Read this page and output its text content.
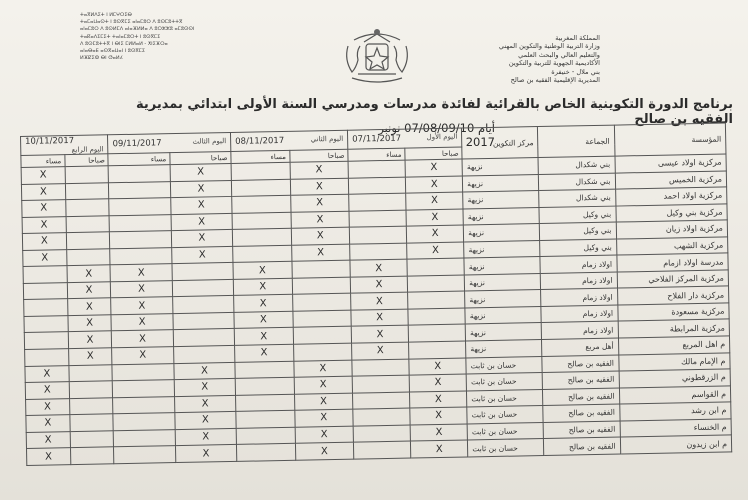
ⵜⴰⴳⵍⴷⵉⵜ ⵏ ⵍⵎⵖⵔⵉⴱ
ⵜⴰⵎⴰⵡⴰⵙⵜ ⵏ ⵓⵙⴳⵎⵉ ⴰⵏⴰⵎⵓⵔ ⴷ ⵓⵙⵎⵓⵜⵜⴳ
ⴰⵏⴰⵎⵓⵔ ⴷ ⵓⵙⵍⵎⴷ ⴰⵏⴰⴼⵍⵍⴰ ⴷ ⵓⵔⵣⵣⵓ ⴰⵎⵓⵙⵙⵏ
ⵜⴰⴽⴰⴷⵉⵎⵉⵜ ⵜⴰⵏⴰⵎⵓⵔⵜ ⵏ ⵓⵙⴳⵎⵉ
ⴷ ⵓⵙⵎⵓⵜⵜⴳ ⵏ ⴱⵏⵉ ⵎⵍⵍⴰⵍ - ⵅⵏⵉⴼⵔⴰ
ⴰⵏⴰⴱⴰⴹ ⴰⵙⴳⴰⵡⴰⵏ ⵏ ⵓⵙⴳⵎⵉ
ⵍⴼⵇⵉⵀ ⴱⵏ ⵚⴰⵍⵃ
المملكة المغربية
وزارة التربية الوطنية والتكوين المهني
والتعليم العالي والبحث العلمي
الأكاديمية الجهوية للتربية والتكوين
بني ملال - خنيفرة
المديرية الإقليمية الفقيه بن صالح
برنامج الدورة التكوينية الخاص بالقرائية لفائدة مدرسات ومدرسي السنة الأولى ابتدائي بمديرية الفقيه بن صالح
أيام 07/08/09/10 نونبر 2017
10/11/2017
اليوم الرابع		09/11/2017 اليوم الثالث		08/11/2017 اليوم الثاني		07/11/2017 اليوم الأول		مركز التكوين	الجماعة	المؤسسة
مساء	صباحا	مساء	صباحا	مساء	صباحا	مساء	صباحا			
X			X		X		X	نزيهة	بني شكدال	مركزية اولاد عيسى
X			X		X		X	نزيهة	بني شكدال	مركزية الخميس
X			X		X		X	نزيهة	بني شكدال	مركزية اولاد احمد
X			X		X		X	نزيهة	بني وكيل	مركزية بني وكيل
X			X		X		X	نزيهة	بني وكيل	مركزية اولاد زيان
X			X		X		X	نزيهة	بني وكيل	مركزية الشهب
	X	X		X		X		نزيهة	اولاد زمام	مدرسة اولاد ازمام
	X	X		X		X		نزيهة	اولاد زمام	مركزية المركز الفلاحي
	X	X		X		X		نزيهة	اولاد زمام	مركزية دار الفلاح
	X	X		X		X		نزيهة	اولاد زمام	مركزية مسعودة
	X	X		X		X		نزيهة	اولاد زمام	مركزية المرابطة
	X	X		X		X		نزيهة	أهل مربع	م اهل المربع
X			X		X		X	حسان بن ثابت	الفقيه بن صالح	م الإمام مالك
X			X		X		X	حسان بن ثابت	الفقيه بن صالح	م الزرقطوني
X			X		X		X	حسان بن ثابت	الفقيه بن صالح	م القواسم
X			X		X		X	حسان بن ثابت	الفقيه بن صالح	م ابن رشد
X			X		X		X	حسان بن ثابت	الفقيه بن صالح	م الخنساء
X			X		X		X	حسان بن ثابت	الفقيه بن صالح	م ابن زيدون
